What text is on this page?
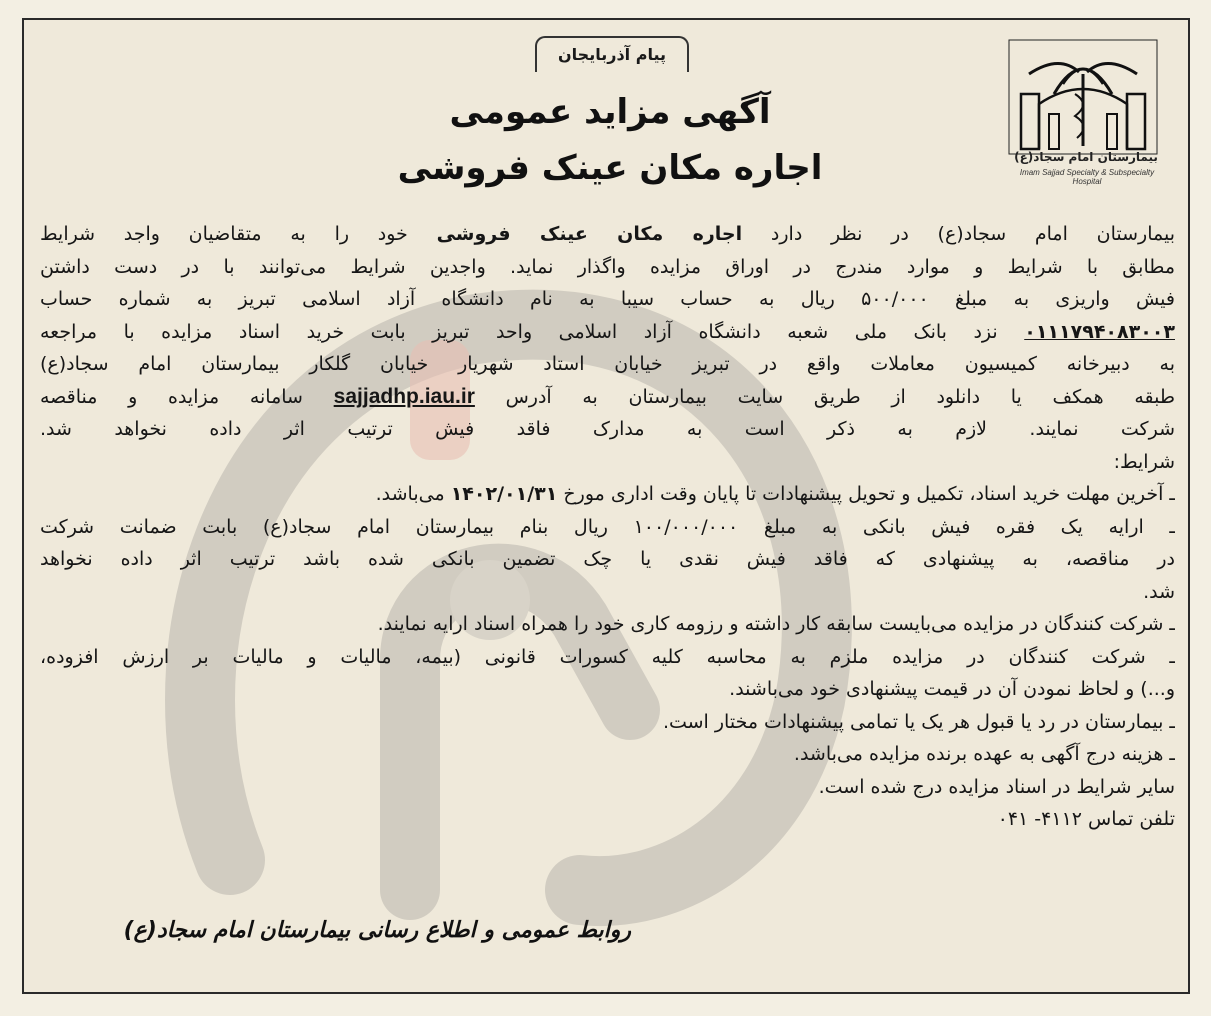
بیمارستان امام سجاد(ع)
Imam Sajjad Specialty & Subspecialty Hospital
پیام آذربایجان
آگهی مزاید عمومی
اجاره مکان عینک فروشی
بیمارستان امام سجاد(ع) در نظر دارد اجاره مکان عینک فروشی خود را به متقاضیان واجد شرایط
مطابق با شرایط و موارد مندرج در اوراق مزایده واگذار نماید. واجدین شرایط می‌توانند با در دست داشتن
فیش واریزی به مبلغ ۵۰۰/۰۰۰ ریال به حساب سیبا به نام دانشگاه آزاد اسلامی تبریز به شماره حساب
۰۱۱۱۷۹۴۰۸۳۰۰۳ نزد بانک ملی شعبه دانشگاه آزاد اسلامی واحد تبریز بابت خرید اسناد مزایده با مراجعه
به دبیرخانه کمیسیون معاملات واقع در تبریز خیابان استاد شهریار خیابان گلکار بیمارستان امام سجاد(ع)
طبقه همکف یا دانلود از طریق سایت بیمارستان به آدرس sajjadhp.iau.ir سامانه مزایده و مناقصه
شرکت نمایند. لازم به ذکر است به مدارک فاقد فیش ترتیب اثر داده نخواهد شد.
شرایط:
ـ آخرین مهلت خرید اسناد، تکمیل و تحویل پیشنهادات تا پایان وقت اداری مورخ ۱۴۰۲/۰۱/۳۱ می‌باشد.
ـ ارایه یک فقره فیش بانکی به مبلغ ۱۰۰/۰۰۰/۰۰۰ ریال بنام بیمارستان امام سجاد(ع) بابت ضمانت شرکت
در مناقصه، به پیشنهادی که فاقد فیش نقدی یا چک تضمین بانکی شده باشد ترتیب اثر داده نخواهد
شد.
ـ شرکت کنندگان در مزایده می‌بایست سابقه کار داشته و رزومه کاری خود را همراه اسناد ارایه نمایند.
ـ شرکت کنندگان در مزایده ملزم به محاسبه کلیه کسورات قانونی (بیمه، مالیات و مالیات بر ارزش افزوده،
و...) و لحاظ نمودن آن در قیمت پیشنهادی خود می‌باشند.
ـ بیمارستان در رد یا قبول هر یک یا تمامی پیشنهادات مختار است.
ـ هزینه درج آگهی به عهده برنده مزایده می‌باشد.
سایر شرایط در اسناد مزایده درج شده است.
تلفن تماس ۴۱۱۲- ۰۴۱
روابط عمومی و اطلاع رسانی بیمارستان امام سجاد(ع)
